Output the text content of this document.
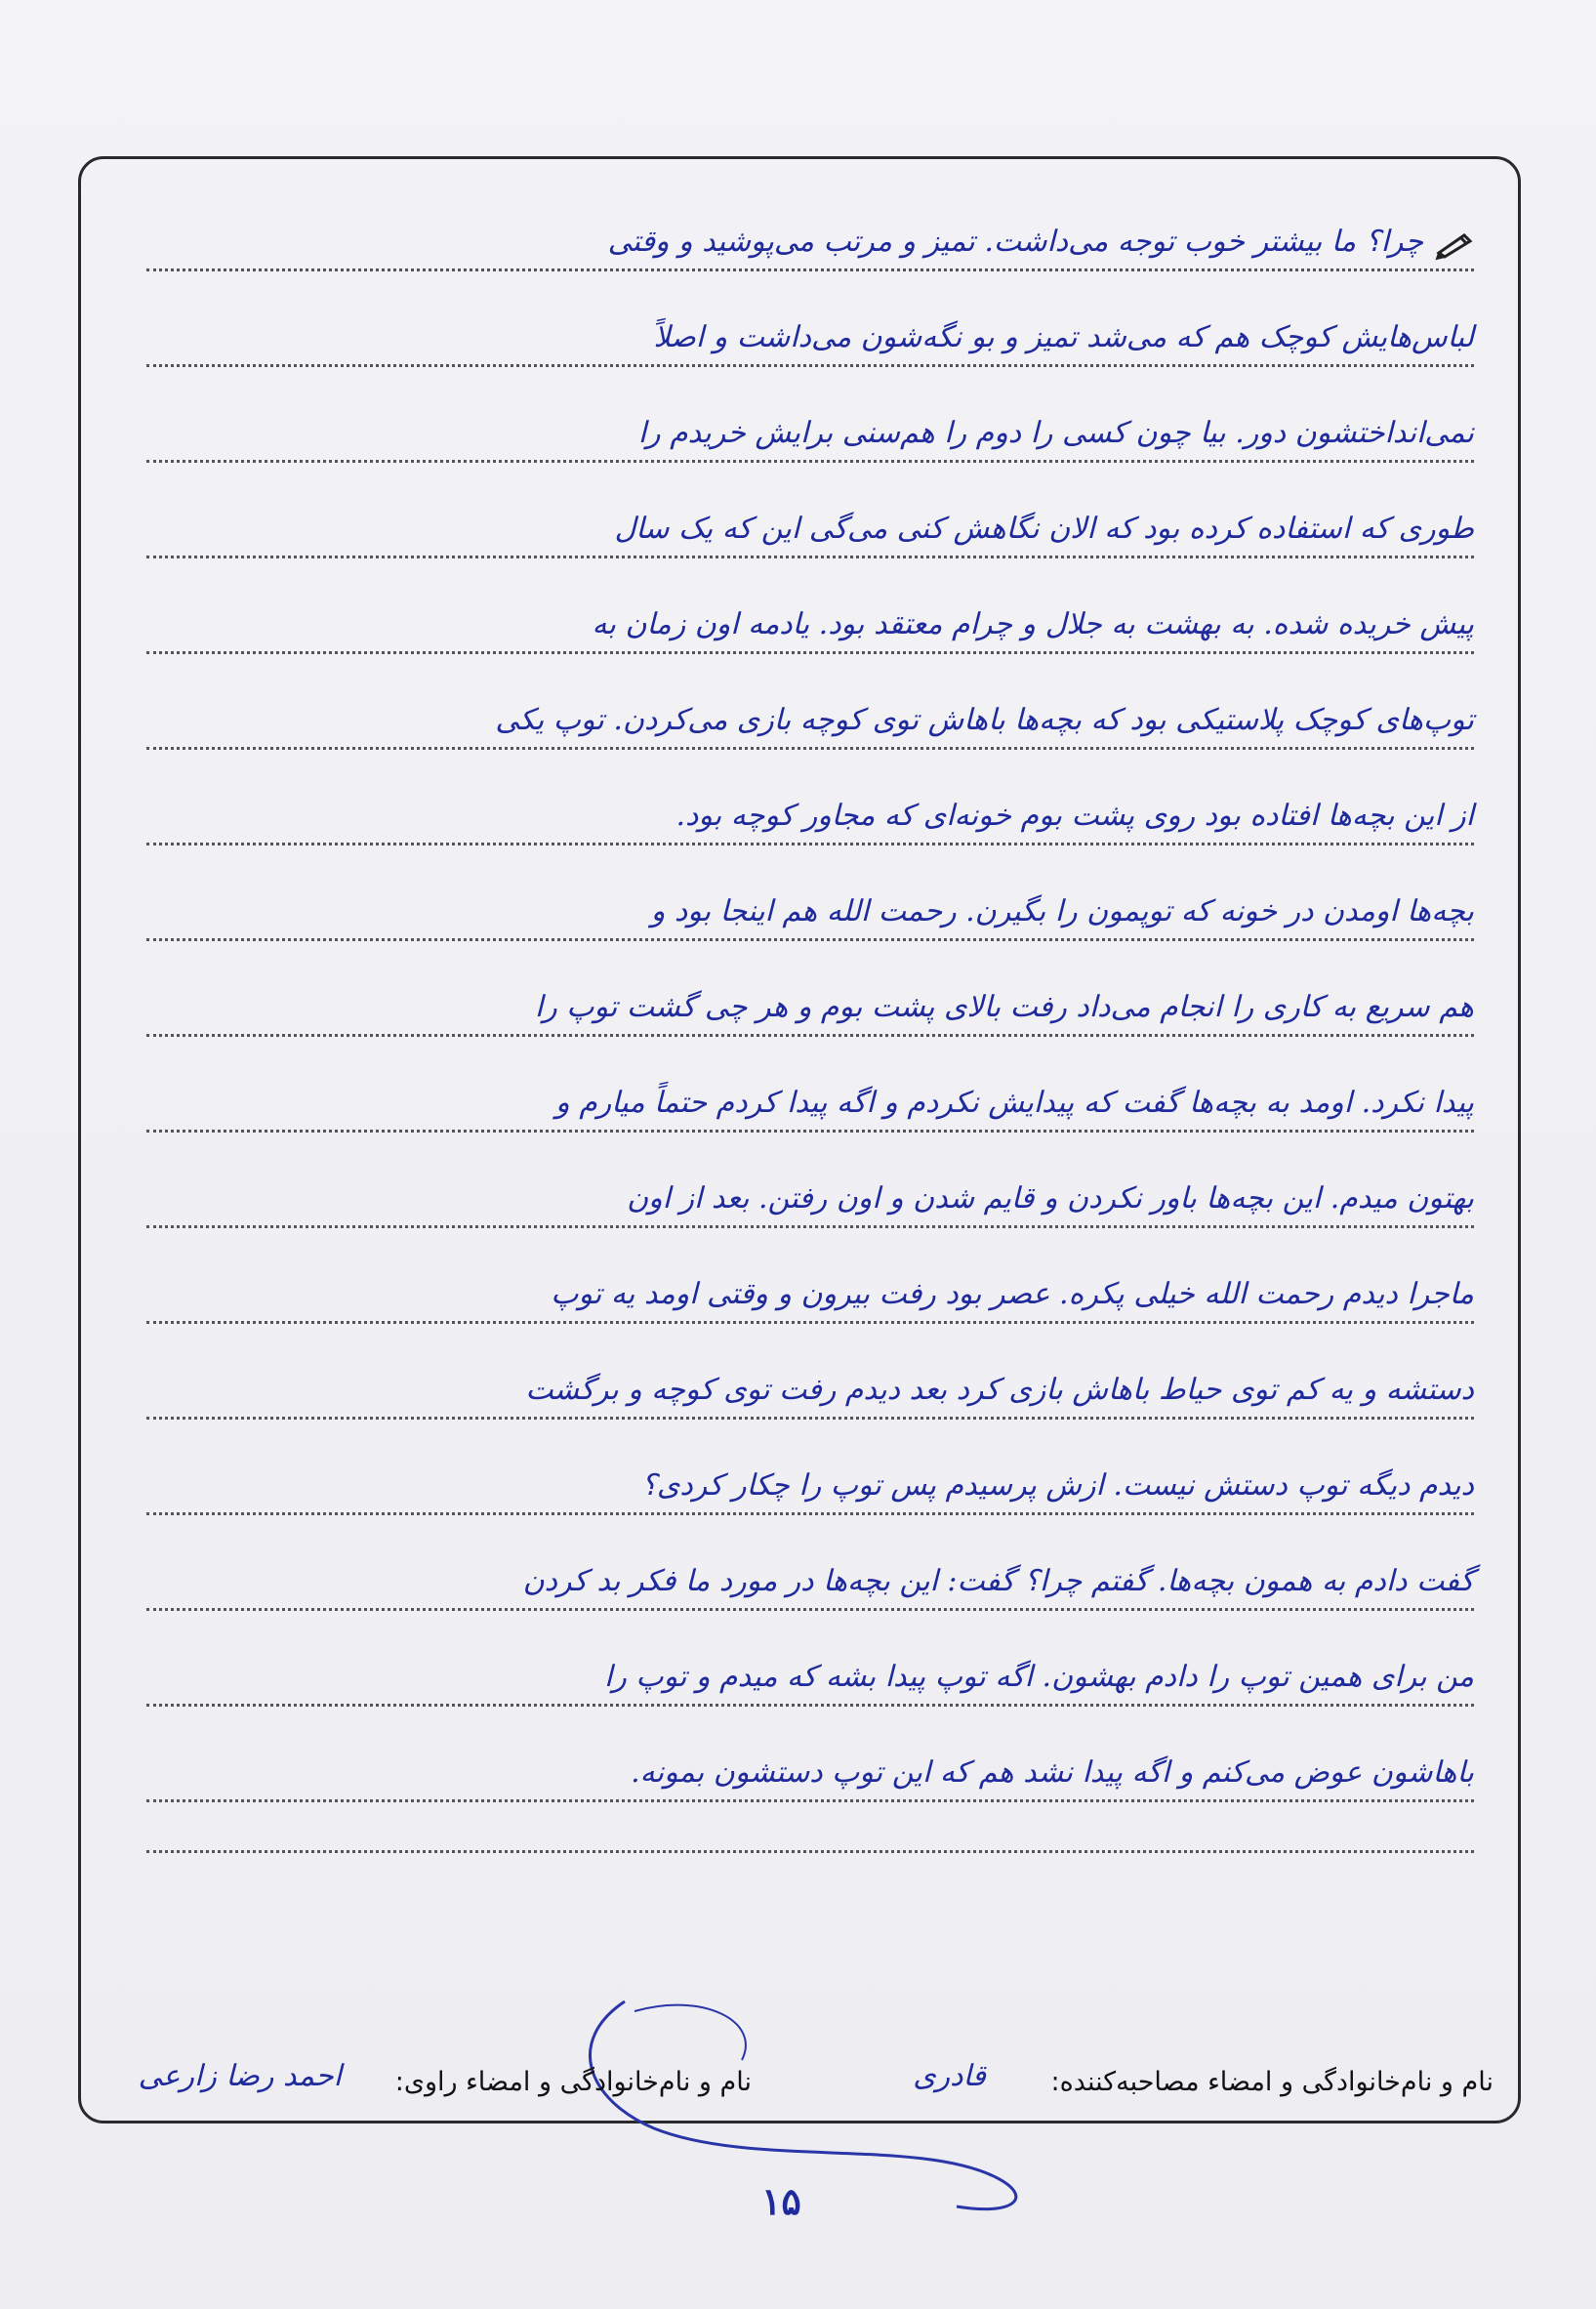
چرا؟ ما بیشتر خوب توجه می‌داشت. تمیز و مرتب می‌پوشید و وقتی
لباس‌هایش کوچک هم که می‌شد تمیز و بو نگه‌شون می‌داشت و اصلاً
نمی‌انداختشون دور. بیا چون کسی را دوم را هم‌سنی برایش خریدم را
طوری که استفاده کرده بود که الان نگاهش کنی می‌گی این که یک سال
پیش خریده شده. به بهشت به جلال و چرام معتقد بود. یادمه اون زمان به
توپ‌های کوچک پلاستیکی بود که بچه‌ها باهاش توی کوچه بازی می‌کردن. توپ یکی
از این بچه‌ها افتاده بود روی پشت بوم خونه‌ای که مجاور کوچه بود.
بچه‌ها اومدن در خونه که توپمون را بگیرن. رحمت الله هم اینجا بود و
هم سریع به کاری را انجام می‌داد رفت بالای پشت بوم و هر چی گشت توپ را
پیدا نکرد. اومد به بچه‌ها گفت که پیدایش نکردم و اگه پیدا کردم حتماً میارم و
بهتون میدم. این بچه‌ها باور نکردن و قایم شدن و اون رفتن. بعد از اون
ماجرا دیدم رحمت الله خیلی پکره. عصر بود رفت بیرون و وقتی اومد یه توپ
دستشه و یه کم توی حیاط باهاش بازی کرد بعد دیدم رفت توی کوچه و برگشت
دیدم دیگه توپ دستش نیست. ازش پرسیدم پس توپ را چکار کردی؟
گفت دادم به همون بچه‌ها. گفتم چرا؟ گفت: این بچه‌ها در مورد ما فکر بد کردن
من برای همین توپ را دادم بهشون. اگه توپ پیدا بشه که میدم و توپ را
باهاشون عوض می‌کنم و اگه پیدا نشد هم که این توپ دستشون بمونه.
نام و نام‌خانوادگی و امضاء مصاحبه‌کننده:
قادری
نام و نام‌خانوادگی و امضاء راوی:
احمد رضا زارعی
۱۵
